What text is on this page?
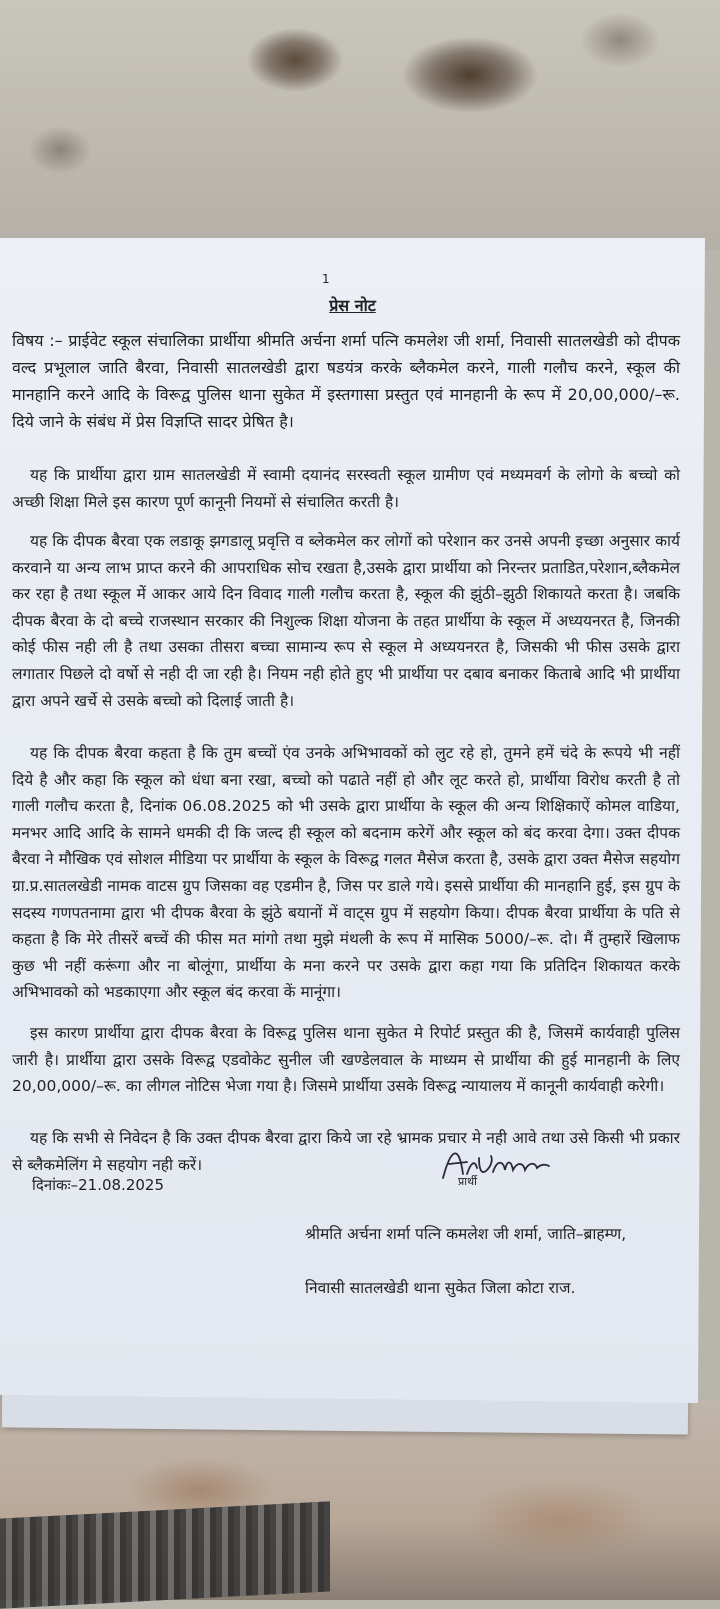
1
प्रेस नोट
विषय :– प्राईवेट स्कूल संचालिका प्रार्थीया श्रीमति अर्चना शर्मा पत्नि कमलेश जी शर्मा, निवासी सातलखेडी को दीपक वल्द प्रभूलाल जाति बैरवा, निवासी सातलखेडी द्वारा षडयंत्र करके ब्लैकमेल करने, गाली गलौच करने, स्कूल की मानहानि करने आदि के विरूद्व पुलिस थाना सुकेत में इस्तगासा प्रस्तुत एवं मानहानी के रूप में 20,00,000/–रू. दिये जाने के संबंध में प्रेस विज्ञप्ति सादर प्रेषित है।
यह कि प्रार्थीया द्वारा ग्राम सातलखेडी में स्वामी दयानंद सरस्वती स्कूल ग्रामीण एवं मध्यमवर्ग के लोगो के बच्चो को अच्छी शिक्षा मिले इस कारण पूर्ण कानूनी नियमों से संचालित करती है।
यह कि दीपक बैरवा एक लडाकू झगडालू प्रवृत्ति व ब्लेकमेल कर लोगों को परेशान कर उनसे अपनी इच्छा अनुसार कार्य करवाने या अन्य लाभ प्राप्त करने की आपराधिक सोच रखता है,उसके द्वारा प्रार्थीया को निरन्तर प्रताडित,परेशान,ब्लैकमेल कर रहा है तथा स्कूल मेें आकर आये दिन विवाद गाली गलौच करता है, स्कूल की झुंठी–झुठी शिकायते करता है। जबकि दीपक बैरवा के दो बच्चे राजस्थान सरकार की निशुल्क शिक्षा योजना के तहत प्रार्थीया के स्कूल में अध्ययनरत है, जिनकी कोई फीस नही ली है तथा उसका तीसरा बच्चा सामान्य रूप से स्कूल मे अध्ययनरत है, जिसकी भी फीस उसके द्वारा लगातार पिछले दो वर्षो से नही दी जा रही है। नियम नही होते हुए भी प्रार्थीया पर दबाव बनाकर किताबे आदि भी प्रार्थीया द्वारा अपने खर्चे से उसके बच्चो को दिलाई जाती है।
यह कि दीपक बैरवा कहता है कि तुम बच्चों एंव उनके अभिभावकों को लुट रहे हो, तुमने हमें चंदे के रूपये भी नहीं दिये है और कहा कि स्कूल को धंधा बना रखा, बच्चो को पढाते नहीं हो और लूट करते हो, प्रार्थीया विरोध करती है तो गाली गलौच करता है, दिनांक 06.08.2025 को भी उसके द्वारा प्रार्थीया के स्कूल की अन्य शिक्षिकाऐं कोमल वाडिया, मनभर आदि आदि के सामने धमकी दी कि जल्द ही स्कूल को बदनाम करेगें और स्कूल को बंद करवा देगा। उक्त दीपक बैरवा ने मौखिक एवं सोशल मीडिया पर प्रार्थीया के स्कूल के विरूद्व गलत मैसेज करता है, उसके द्वारा उक्त मैसेज सहयोग ग्रा.प्र.सातलखेडी नामक वाटस ग्रुप जिसका वह एडमीन है, जिस पर डाले गये। इससे प्रार्थीया की मानहानि हुई, इस ग्रुप के सदस्य गणपतनामा द्वारा भी दीपक बैरवा के झुंठे बयानों में वाट्स ग्रुप में सहयोग किया। दीपक बैरवा प्रार्थीया के पति से कहता है कि मेरे तीसरें बच्चें की फीस मत मांगो तथा मुझे मंथली के रूप में मासिक 5000/–रू. दो। मैं तुम्हारें खिलाफ कुछ भी नहीं करूंगा और ना बोलूंगा, प्रार्थीया के मना करने पर उसके द्वारा कहा गया कि प्रतिदिन शिकायत करके अभिभावको को भडकाएगा और स्कूल बंद करवा कें मानूंगा।
इस कारण प्रार्थीया द्वारा दीपक बैरवा के विरूद्व पुलिस थाना सुकेत मे रिपोर्ट प्रस्तुत की है, जिसमें कार्यवाही पुलिस जारी है। प्रार्थीया द्वारा उसके विरूद्व एडवोकेट सुनील जी खण्डेलवाल के माध्यम से प्रार्थीया की हुई मानहानी के लिए 20,00,000/–रू. का लीगल नोटिस भेजा गया है। जिसमे प्रार्थीया उसके विरूद्व न्यायालय में कानूनी कार्यवाही करेगी।
यह कि सभी से निवेदन है कि उक्त दीपक बैरवा द्वारा किये जा रहे भ्रामक प्रचार मे नही आवे तथा उसे किसी भी प्रकार से ब्लैकमेलिंग मे सहयोग नही करें।
दिनांकः–21.08.2025	प्रार्थी

श्रीमति अर्चना शर्मा पत्नि कमलेश जी शर्मा, जाति–ब्राहम्ण,

निवासी सातलखेडी थाना सुकेत जिला कोटा राज.
